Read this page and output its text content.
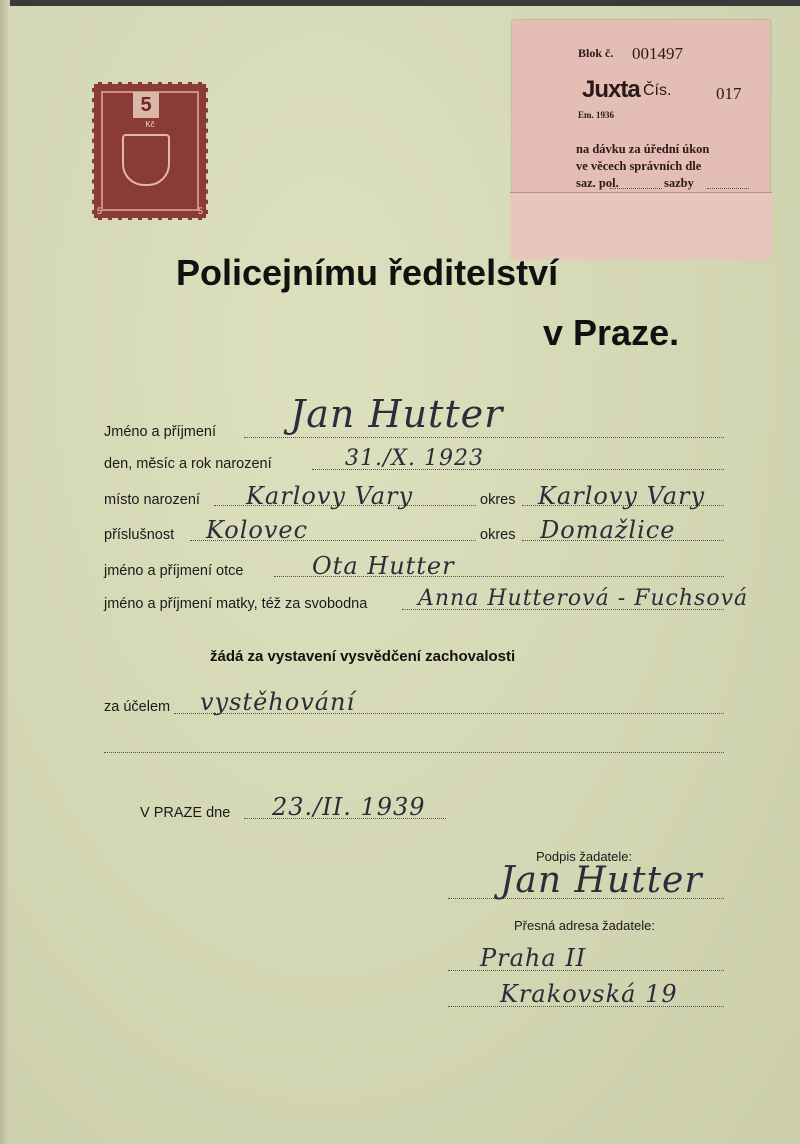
5
Kč
5	5
Blok č. 001497
Juxta Čís.	017
Em. 1936
na dávku za úřední úkon
ve věcech správních dle
saz. pol.	sazby
Policejnímu ředitelství
v Praze.
Jméno a příjmení Jan Hutter
den, měsíc a rok narození	31./X. 1923
místo narození Karlovy Vary	okres Karlovy Vary
příslušnost Kolovec	okres Domažlice
jméno a příjmení otce	Ota Hutter
jméno a příjmení matky, též za svobodna Anna Hutterová - Fuchsová
žádá za vystavení vysvědčení zachovalosti
za účelem vystěhování
V PRAZE dne 23./II. 1939
Podpis žadatele:
Jan Hutter
Přesná adresa žadatele:
Praha II
Krakovská 19
